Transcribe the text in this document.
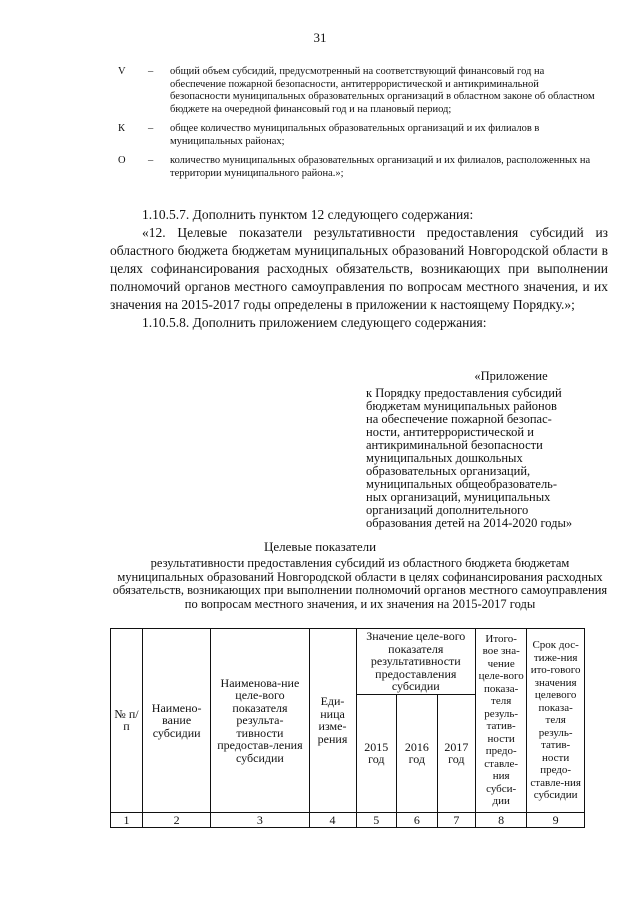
31
V	–	общий объем субсидий, предусмотренный на соответствующий финансовый год на обеспечение пожарной безопасности, антитеррористической и антикриминальной безопасности муниципальных образовательных организаций в областном законе об областном бюджете на очередной финансовый год и на плановый период;
К	–	общее количество муниципальных образовательных организаций и их филиалов в муниципальных районах;
О	–	количество муниципальных образовательных организаций и их филиалов, расположенных на территории муниципального района.»;

1.10.5.7. Дополнить пунктом 12 следующего содержания:

«12. Целевые показатели результативности предоставления субсидий из областного бюджета бюджетам муниципальных образований Новгородской области в целях софинансирования расходных обязательств, возникающих при выполнении полномочий органов местного самоуправления по вопросам местного значения, и их значения на 2015-2017 годы определены в приложении к настоящему Порядку.»;

1.10.5.8. Дополнить приложением следующего содержания:

«Приложение
к Порядку предоставления субсидий
бюджетам муниципальных районов
на обеспечение пожарной безопас-
ности, антитеррористической и
антикриминальной безопасности
муниципальных дошкольных
образовательных организаций,
муниципальных общеобразователь-
ных организаций, муниципальных
организаций дополнительного
образования детей на 2014-2020 годы»
Целевые показатели
результативности предоставления субсидий из областного бюджета бюджетам муниципальных образований Новгородской области в целях софинансирования расходных обязательств, возникающих при выполнении полномочий органов местного самоуправления по вопросам местного значения, и их значения на 2015-2017 годы
№ п/п	Наимено-вание субсидии	Наименова-ние целе-вого показателя результа-тивности предостав-ления субсидии	Еди-ница изме-рения	Значение целе-вого показателя результативности предоставления субсидии			Итого-вое зна-чение целе-вого показа-теля резуль-татив-ности предо-ставле-ния субси-дии	Срок дос-тиже-ния ито-гового значения целевого показа-теля резуль-татив-ности предо-ставле-ния субсидии
				2015 год	2016 год	2017 год		
1	2	3	4	5	6	7	8	9
